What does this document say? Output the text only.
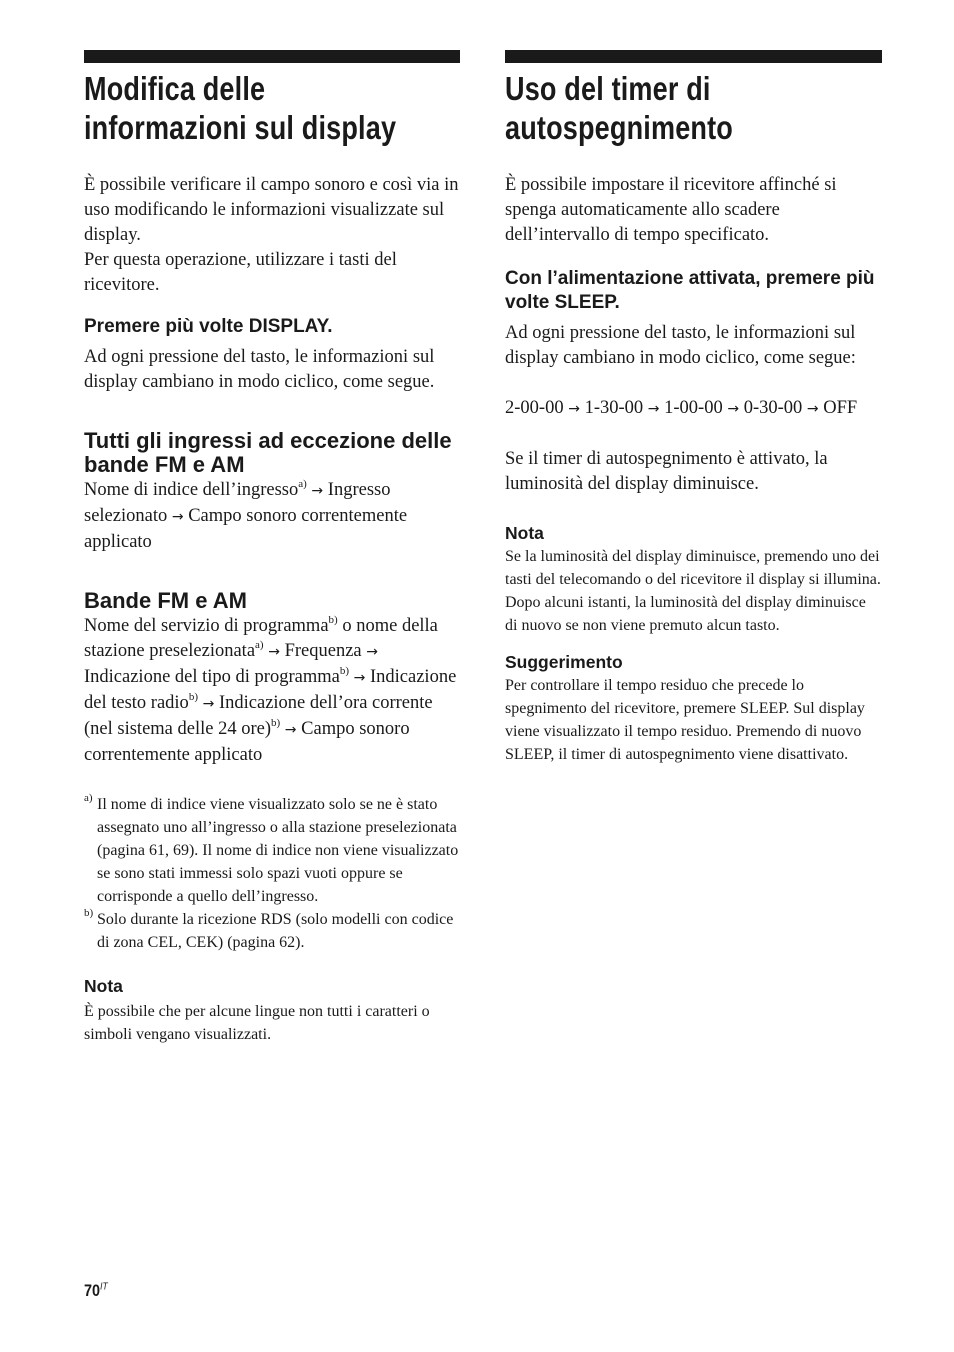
Modifica delle
informazioni sul display

È possibile verificare il campo sonoro e così via in uso modificando le informazioni visualizzate sul display.

Per questa operazione, utilizzare i tasti del ricevitore.

Premere più volte DISPLAY.

Ad ogni pressione del tasto, le informazioni sul display cambiano in modo ciclico, come segue.

Tutti gli ingressi ad eccezione delle bande FM e AM

Nome di indice dell’ingresso$^{a)}$ → Ingresso selezionato → Campo sonoro correntemente applicato

Bande FM e AM

Nome del servizio di programma$^{b)}$ o nome della stazione preselezionata$^{a)}$ → Frequenza → Indicazione del tipo di programma$^{b)}$ → Indicazione del testo radio$^{b)}$ → Indicazione dell’ora corrente (nel sistema delle 24 ore)$^{b)}$ → Campo sonoro correntemente applicato

a) Il nome di indice viene visualizzato solo se ne è stato assegnato uno all’ingresso o alla stazione preselezionata (pagina 61, 69). Il nome di indice non viene visualizzato se sono stati immessi solo spazi vuoti oppure se corrisponde a quello dell’ingresso.
b) Solo durante la ricezione RDS (solo modelli con codice di zona CEL, CEK) (pagina 62).

Nota

È possibile che per alcune lingue non tutti i caratteri o simboli vengano visualizzati.

Uso del timer di
autospegnimento

È possibile impostare il ricevitore affinché si spenga automaticamente allo scadere dell’intervallo di tempo specificato.

Con l’alimentazione attivata, premere più volte SLEEP.

Ad ogni pressione del tasto, le informazioni sul display cambiano in modo ciclico, come segue:

2-00-00 → 1-30-00 → 1-00-00 → 0-30-00 → OFF

Se il timer di autospegnimento è attivato, la luminosità del display diminuisce.

Nota

Se la luminosità del display diminuisce, premendo uno dei tasti del telecomando o del ricevitore il display si illumina. Dopo alcuni istanti, la luminosità del display diminuisce di nuovo se non viene premuto alcun tasto.

Suggerimento

Per controllare il tempo residuo che precede lo spegnimento del ricevitore, premere SLEEP. Sul display viene visualizzato il tempo residuo. Premendo di nuovo SLEEP, il timer di autospegnimento viene disattivato.

$70^{IT}$
